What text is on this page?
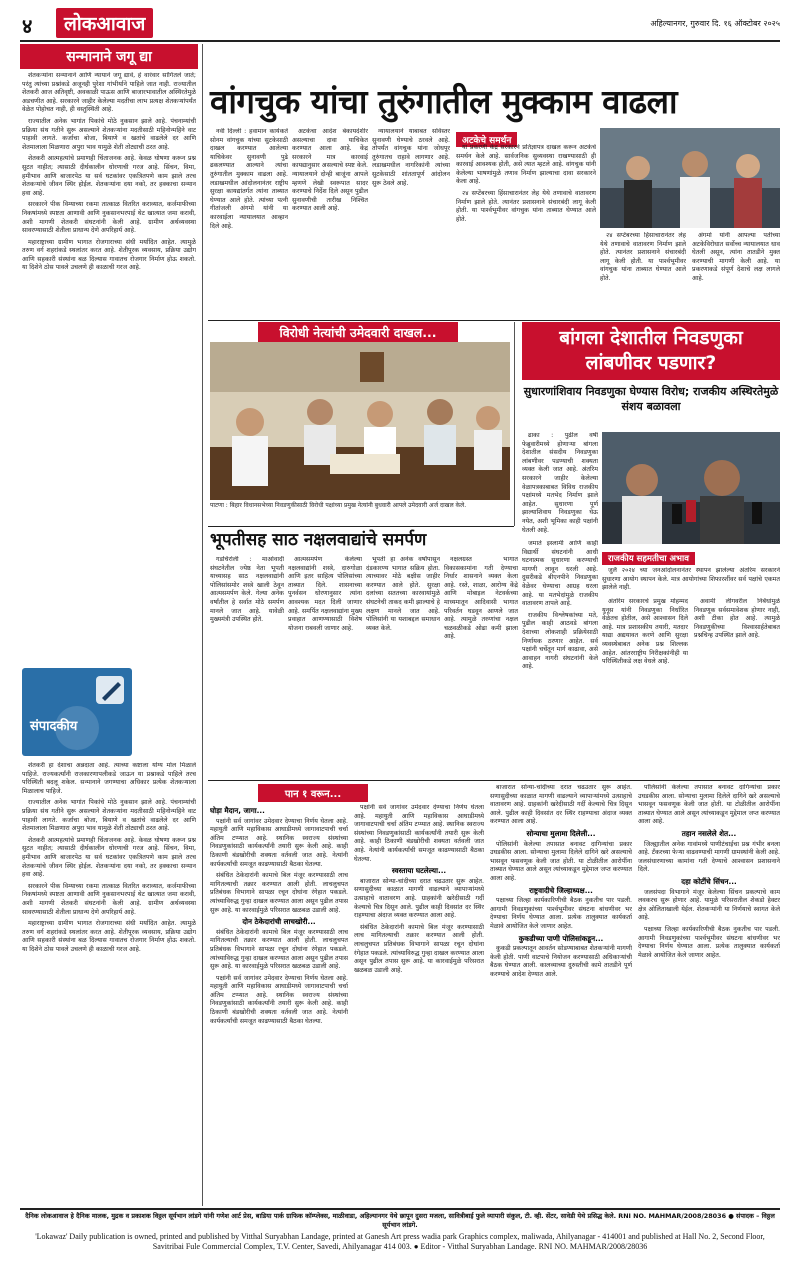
४	लोकआवाज	अहिल्यानगर, गुरुवार दि. १६ ऑक्टोबर २०२५
सन्मानाने जगू द्या

शेतकऱ्यांना सन्मानाने आणि न्यायाने जगू द्यावे, हे वारंवार सांगितले जाते; परंतु त्यांच्या प्रश्नांकडे अजूनही पुरेशा गांभीर्याने पाहिले जात नाही. राज्यातील शेतकरी आज अतिवृष्टी, अवकाळी पाऊस आणि बाजारभावातील अस्थिरतेमुळे अडचणीत आहे. सरकारने जाहीर केलेल्या मदतीचा लाभ प्रत्यक्ष शेतकऱ्यांपर्यंत वेळेत पोहोचत नाही, ही वस्तुस्थिती आहे.

राज्यातील अनेक भागांत पिकांचे मोठे नुकसान झाले आहे. पंचनाम्यांची प्रक्रिया संथ गतीने सुरू असल्याने शेतकऱ्यांना मदतीसाठी महिनोन्महिने वाट पाहावी लागते. कर्जाचा बोजा, बियाणे व खतांचे वाढलेले दर आणि शेतमालाला मिळणारा अपुरा भाव यामुळे शेती तोट्याची ठरत आहे.

शेतकरी आत्महत्यांचे प्रमाणही चिंताजनक आहे. केवळ घोषणा करून प्रश्न सुटत नाहीत; त्यासाठी दीर्घकालीन धोरणाची गरज आहे. सिंचन, विमा, हमीभाव आणि बाजारपेठ या सर्व घटकांवर एकत्रितपणे काम झाले तरच शेतकऱ्यांचे जीवन स्थिर होईल. शेतकऱ्यांना दया नको, तर हक्काचा सन्मान हवा आहे.

सरकारने पीक विम्याच्या रकमा तात्काळ वितरित कराव्यात, कर्जमाफीच्या निकषांमध्ये स्पष्टता आणावी आणि नुकसानभरपाई थेट खात्यात जमा करावी, अशी मागणी शेतकरी संघटनांनी केली आहे. ग्रामीण अर्थव्यवस्था सावरण्यासाठी शेतीला प्राधान्य देणे अपरिहार्य आहे.

महाराष्ट्राच्या ग्रामीण भागात रोजगाराच्या संधी मर्यादित आहेत. त्यामुळे तरुण वर्ग शहरांकडे स्थलांतर करत आहे. शेतीपूरक व्यवसाय, प्रक्रिया उद्योग आणि सहकारी संस्थांना बळ दिल्यास गावातच रोजगार निर्माण होऊ शकतो. या दिशेने ठोस पावले उचलणे ही काळाची गरज आहे.

संपादकीय

शेतकरी हा देशाचा अन्नदाता आहे. त्याच्या कष्टाला योग्य मोल मिळाले पाहिजे. राज्यकर्त्यांनी राजकारणापलीकडे जाऊन या प्रश्नाकडे पाहिले तरच परिस्थिती बदलू शकेल. सन्मानाने जगण्याचा अधिकार प्रत्येक शेतकऱ्याला मिळालाच पाहिजे.

राज्यातील अनेक भागांत पिकांचे मोठे नुकसान झाले आहे. पंचनाम्यांची प्रक्रिया संथ गतीने सुरू असल्याने शेतकऱ्यांना मदतीसाठी महिनोन्महिने वाट पाहावी लागते. कर्जाचा बोजा, बियाणे व खतांचे वाढलेले दर आणि शेतमालाला मिळणारा अपुरा भाव यामुळे शेती तोट्याची ठरत आहे.

शेतकरी आत्महत्यांचे प्रमाणही चिंताजनक आहे. केवळ घोषणा करून प्रश्न सुटत नाहीत; त्यासाठी दीर्घकालीन धोरणाची गरज आहे. सिंचन, विमा, हमीभाव आणि बाजारपेठ या सर्व घटकांवर एकत्रितपणे काम झाले तरच शेतकऱ्यांचे जीवन स्थिर होईल. शेतकऱ्यांना दया नको, तर हक्काचा सन्मान हवा आहे.

सरकारने पीक विम्याच्या रकमा तात्काळ वितरित कराव्यात, कर्जमाफीच्या निकषांमध्ये स्पष्टता आणावी आणि नुकसानभरपाई थेट खात्यात जमा करावी, अशी मागणी शेतकरी संघटनांनी केली आहे. ग्रामीण अर्थव्यवस्था सावरण्यासाठी शेतीला प्राधान्य देणे अपरिहार्य आहे.

महाराष्ट्राच्या ग्रामीण भागात रोजगाराच्या संधी मर्यादित आहेत. त्यामुळे तरुण वर्ग शहरांकडे स्थलांतर करत आहे. शेतीपूरक व्यवसाय, प्रक्रिया उद्योग आणि सहकारी संस्थांना बळ दिल्यास गावातच रोजगार निर्माण होऊ शकतो. या दिशेने ठोस पावले उचलणे ही काळाची गरज आहे.

वांगचुक यांचा तुरुंगातील मुक्काम वाढला

नवी दिल्ली : हवामान कार्यकर्ते सोनम वांगचुक यांच्या सुटकेसाठी दाखल करण्यात आलेल्या याचिकेवर सुनावणी पुढे ढकलण्यात आल्याने त्यांचा तुरुंगातील मुक्काम वाढला आहे. लडाखमधील आंदोलनानंतर राष्ट्रीय सुरक्षा कायद्यांतर्गत त्यांना ताब्यात घेण्यात आले होते. त्यांच्या पत्नी गीतांजली अंगमो यांनी या कारवाईला न्यायालयात आव्हान दिले आहे.

अटकेचा आदेश बेकायदेशीर असल्याचा दावा याचिकेत करण्यात आला आहे. केंद्र सरकारने मात्र कारवाई कायद्यानुसार असल्याचे स्पष्ट केले. न्यायालयाने दोन्ही बाजूंना आपले म्हणणे लेखी स्वरूपात सादर करण्याचे निर्देश दिले असून पुढील सुनावणीची तारीख निश्चित करण्यात आली आहे.

न्यायालयाने याबाबत सविस्तर सुनावणी घेण्याचे ठरवले आहे. तोपर्यंत वांगचुक यांना जोधपूर तुरुंगातच राहावे लागणार आहे. लडाखमधील नागरिकांनी त्यांच्या सुटकेसाठी शांततापूर्ण आंदोलन सुरू ठेवले आहे.

अटकेचे समर्थन

या प्रकरणी केंद्र सरकारने प्रतिज्ञापत्र दाखल करून अटकेचे समर्थन केले आहे. सार्वजनिक सुव्यवस्था राखण्यासाठी ही कारवाई आवश्यक होती, असे त्यात म्हटले आहे. वांगचुक यांनी केलेल्या भाषणांमुळे तणाव निर्माण झाल्याचा दावा सरकारने केला आहे.

२४ सप्टेंबरच्या हिंसाचारानंतर लेह येथे तणावाचे वातावरण निर्माण झाले होते. त्यानंतर प्रशासनाने संचारबंदी लागू केली होती. या पार्श्वभूमीवर वांगचुक यांना ताब्यात घेण्यात आले होते.

२४ सप्टेंबरच्या हिंसाचारानंतर लेह येथे तणावाचे वातावरण निर्माण झाले होते. त्यानंतर प्रशासनाने संचारबंदी लागू केली होती. या पार्श्वभूमीवर वांगचुक यांना ताब्यात घेण्यात आले होते.

अंगमो यांनी आपल्या पतीच्या अटकेविरोधात सर्वोच्च न्यायालयात धाव घेतली असून, त्यांना तातडीने मुक्त करण्याची मागणी केली आहे. या प्रकरणाकडे संपूर्ण देशाचे लक्ष लागले आहे.

विरोधी नेत्यांची उमेदवारी दाखल...
पाटणा : बिहार विधानसभेच्या निवडणुकीसाठी विरोधी पक्षांच्या प्रमुख नेत्यांनी बुधवारी आपले उमेदवारी अर्ज दाखल केले.
बांगला देशातील निवडणुका लांबणीवर पडणार?
सुधारणांशिवाय निवडणुका घेण्यास विरोध; राजकीय अस्थिरतेमुळे संशय बळावला

ढाका : पुढील वर्षी फेब्रुवारीमध्ये होणाऱ्या बांगला देशातील संसदीय निवडणुका लांबणीवर पडण्याची शक्यता व्यक्त केली जात आहे. अंतरिम सरकारने जाहीर केलेल्या वेळापत्रकाबाबत विविध राजकीय पक्षांमध्ये मतभेद निर्माण झाले आहेत. सुधारणा पूर्ण झाल्याशिवाय निवडणुका घेऊ नयेत, अशी भूमिका काही पक्षांनी घेतली आहे.

राजकीय सहमतीचा अभाव

जुलै २०२४ च्या जनआंदोलनानंतर स्थापन झालेल्या अंतरिम सरकारने सुधारणा आयोग स्थापन केले. मात्र आयोगांच्या शिफारशींवर सर्व पक्षांचे एकमत झालेले नाही.

जमाते इस्लामी आणि काही विद्यार्थी संघटनांनी आधी घटनात्मक सुधारणा करण्याची मागणी लावून धरली आहे. दुसरीकडे बीएनपीने निवडणुका वेळेवर घेण्याचा आग्रह धरला आहे. या मतभेदांमुळे राजकीय वातावरण तापले आहे.

राजकीय विश्लेषकांच्या मते, पुढील काही आठवडे बांगला देशाच्या लोकशाही प्रक्रियेसाठी निर्णायक ठरणार आहेत. सर्व पक्षांनी चर्चेतून मार्ग काढावा, असे आवाहन नागरी संघटनांनी केले आहे.

अंतरिम सरकारचे प्रमुख मोहम्मद युनूस यांनी निवडणुका निर्धारित वेळेतच होतील, असे आश्वासन दिले आहे. मात्र प्रशासकीय तयारी, मतदार याद्या अद्ययावत करणे आणि सुरक्षा व्यवस्थेबाबत अनेक प्रश्न शिल्लक आहेत. आंतरराष्ट्रीय निरीक्षकांनीही या परिस्थितीकडे लक्ष वेधले आहे.

अवामी लीगवरील निर्बंधांमुळे निवडणूक सर्वसमावेशक होणार नाही, अशी टीका होत आहे. त्यामुळे निवडणुकीच्या विश्वासार्हतेबाबत प्रश्नचिन्ह उपस्थित झाले आहे.

भूपतीसह साठ नक्षलवाद्यांचे समर्पण

गडचिरोली : माओवादी संघटनेतील ज्येष्ठ नेता भूपती याच्यासह साठ नक्षलवाद्यांनी पोलिसांसमोर शस्त्रे खाली ठेवून आत्मसमर्पण केले. गेल्या अनेक वर्षांतील हे सर्वात मोठे समर्पण मानले जात आहे. यावेळी मुख्यमंत्री उपस्थित होते.

आत्मसमर्पण केलेल्या नक्षलवाद्यांनी शस्त्रे, दारुगोळा आणि इतर साहित्य पोलिसांच्या ताब्यात दिले. शासनाच्या पुनर्वसन धोरणानुसार त्यांना आवश्यक मदत दिली जाणार आहे. समर्पित नक्षलवाद्यांना मुख्य प्रवाहात आणण्यासाठी विशेष योजना राबवली जाणार आहे.

भूपती हा अनेक वर्षांपासून दंडकारण्य भागात सक्रिय होता. त्याच्यावर मोठे बक्षीस जाहीर करण्यात आले होते. सुरक्षा दलांच्या सततच्या कारवायांमुळे संघटनेची ताकद कमी झाल्याचे हे लक्षण मानले जात आहे. पोलिसांनी या यशाबद्दल समाधान व्यक्त केले.

नक्षलग्रस्त भागात विकासकामांना गती देण्याचा निर्धार शासनाने व्यक्त केला आहे. रस्ते, शाळा, आरोग्य केंद्रे आणि मोबाइल नेटवर्कच्या माध्यमातून आदिवासी भागात परिवर्तन घडवून आणले जात आहे. त्यामुळे तरुणांचा नक्षल चळवळीकडे ओढा कमी झाला आहे.

पान १ वरून...
घोड़ा मैदान, जागा...

पक्षांनी सर्व जागांवर उमेदवार देण्याचा निर्णय घेतला आहे. महायुती आणि महाविकास आघाडीमध्ये जागावाटपाची चर्चा अंतिम टप्प्यात आहे. स्थानिक स्वराज्य संस्थांच्या निवडणुकांसाठी कार्यकर्त्यांनी तयारी सुरू केली आहे. काही ठिकाणी बंडखोरीची शक्यता वर्तवली जात आहे. नेत्यांनी कार्यकर्त्यांची समजूत काढण्यासाठी बैठका घेतल्या.

संबंधित ठेकेदारांनी कामाचे बिल मंजूर करण्यासाठी लाच मागितल्याची तक्रार करण्यात आली होती. लाचलुचपत प्रतिबंधक विभागाने सापळा रचून दोघांना रंगेहात पकडले. त्यांच्याविरुद्ध गुन्हा दाखल करण्यात आला असून पुढील तपास सुरू आहे. या कारवाईमुळे परिसरात खळबळ उडाली आहे.

दोन ठेकेदारांची लाचखोरी...

संबंधित ठेकेदारांनी कामाचे बिल मंजूर करण्यासाठी लाच मागितल्याची तक्रार करण्यात आली होती. लाचलुचपत प्रतिबंधक विभागाने सापळा रचून दोघांना रंगेहात पकडले. त्यांच्याविरुद्ध गुन्हा दाखल करण्यात आला असून पुढील तपास सुरू आहे. या कारवाईमुळे परिसरात खळबळ उडाली आहे.

पक्षांनी सर्व जागांवर उमेदवार देण्याचा निर्णय घेतला आहे. महायुती आणि महाविकास आघाडीमध्ये जागावाटपाची चर्चा अंतिम टप्प्यात आहे. स्थानिक स्वराज्य संस्थांच्या निवडणुकांसाठी कार्यकर्त्यांनी तयारी सुरू केली आहे. काही ठिकाणी बंडखोरीची शक्यता वर्तवली जात आहे. नेत्यांनी कार्यकर्त्यांची समजूत काढण्यासाठी बैठका घेतल्या.

पक्षांनी सर्व जागांवर उमेदवार देण्याचा निर्णय घेतला आहे. महायुती आणि महाविकास आघाडीमध्ये जागावाटपाची चर्चा अंतिम टप्प्यात आहे. स्थानिक स्वराज्य संस्थांच्या निवडणुकांसाठी कार्यकर्त्यांनी तयारी सुरू केली आहे. काही ठिकाणी बंडखोरीची शक्यता वर्तवली जात आहे. नेत्यांनी कार्यकर्त्यांची समजूत काढण्यासाठी बैठका घेतल्या.

स्वस्ताया घटलेल्या...

बाजारात सोन्या-चांदीच्या दरात चढउतार सुरू आहेत. सणासुदीच्या काळात मागणी वाढल्याने व्यापाऱ्यांमध्ये उत्साहाचे वातावरण आहे. ग्राहकांनी खरेदीसाठी गर्दी केल्याचे चित्र दिसून आले. पुढील काही दिवसांत दर स्थिर राहण्याचा अंदाज व्यक्त करण्यात आला आहे.

संबंधित ठेकेदारांनी कामाचे बिल मंजूर करण्यासाठी लाच मागितल्याची तक्रार करण्यात आली होती. लाचलुचपत प्रतिबंधक विभागाने सापळा रचून दोघांना रंगेहात पकडले. त्यांच्याविरुद्ध गुन्हा दाखल करण्यात आला असून पुढील तपास सुरू आहे. या कारवाईमुळे परिसरात खळबळ उडाली आहे.

बाजारात सोन्या-चांदीच्या दरात चढउतार सुरू आहेत. सणासुदीच्या काळात मागणी वाढल्याने व्यापाऱ्यांमध्ये उत्साहाचे वातावरण आहे. ग्राहकांनी खरेदीसाठी गर्दी केल्याचे चित्र दिसून आले. पुढील काही दिवसांत दर स्थिर राहण्याचा अंदाज व्यक्त करण्यात आला आहे.

सोन्याचा मुलामा दिलेली...

पोलिसांनी केलेल्या तपासात बनावट दागिन्यांचा प्रकार उघडकीस आला. सोन्याचा मुलामा दिलेले दागिने खरे असल्याचे भासवून फसवणूक केली जात होती. या टोळीतील आरोपींना ताब्यात घेण्यात आले असून त्यांच्याकडून मुद्देमाल जप्त करण्यात आला आहे.

राष्ट्रवादीचे जिल्हाध्यक्ष...

पक्षाच्या जिल्हा कार्यकारिणीची बैठक नुकतीच पार पडली. आगामी निवडणुकांच्या पार्श्वभूमीवर संघटना बांधणीवर भर देण्याचा निर्णय घेण्यात आला. प्रत्येक तालुक्यात कार्यकर्ता मेळावे आयोजित केले जाणार आहेत.

कुकडीच्या पाणी पोलिसांकडून...

कुकडी प्रकल्पातून आवर्तन सोडण्याबाबत शेतकऱ्यांनी मागणी केली होती. पाणी वाटपाचे नियोजन करण्यासाठी अधिकाऱ्यांची बैठक घेण्यात आली. कालव्याच्या दुरुस्तीची कामे तातडीने पूर्ण करण्याचे आदेश देण्यात आले.

पोलिसांनी केलेल्या तपासात बनावट दागिन्यांचा प्रकार उघडकीस आला. सोन्याचा मुलामा दिलेले दागिने खरे असल्याचे भासवून फसवणूक केली जात होती. या टोळीतील आरोपींना ताब्यात घेण्यात आले असून त्यांच्याकडून मुद्देमाल जप्त करण्यात आला आहे.

तहान नसलेले शेत...

जिल्ह्यातील अनेक गावांमध्ये पाणीटंचाईचा प्रश्न गंभीर बनला आहे. टँकरच्या फेऱ्या वाढवण्याची मागणी ग्रामस्थांनी केली आहे. जलसंधारणाच्या कामांना गती देण्याचे आश्वासन प्रशासनाने दिले.

दहा कोटींचे सिंचन...

जलसंपदा विभागाने मंजूर केलेल्या सिंचन प्रकल्पाचे काम लवकरच सुरू होणार आहे. यामुळे परिसरातील शेकडो हेक्टर क्षेत्र ओलिताखाली येईल. शेतकऱ्यांनी या निर्णयाचे स्वागत केले आहे.

पक्षाच्या जिल्हा कार्यकारिणीची बैठक नुकतीच पार पडली. आगामी निवडणुकांच्या पार्श्वभूमीवर संघटना बांधणीवर भर देण्याचा निर्णय घेण्यात आला. प्रत्येक तालुक्यात कार्यकर्ता मेळावे आयोजित केले जाणार आहेत.

दैनिक लोकआवाज हे दैनिक मालक, मुद्रक व प्रकाशक विठ्ठल सूर्यभान लांडगे यांनी गणेश आर्ट प्रेस, बाडिया पार्क ग्राफिक कॉम्प्लेक्स, माळीवाडा, अहिल्यानगर येथे छापून दुसरा मजला, सावित्रीबाई फुले व्यापारी संकुल, टी. व्ही. सेंटर, सावेडी येथे प्रसिद्ध केले. RNI NO. MAHMAR/2008/28036 ● संपादक – विठ्ठल सूर्यभान लांडगे.
'Lokawaz' Daily publication is owned, printed and published by Vitthal Suryabhan Landage, printed at Ganesh Art press wadia park Graphics complex, maliwada, Ahilyanagar - 414001 and published at Hall No. 2, Second Floor, Savitribai Fule Commercial Complex, T.V. Center, Savedi, Ahilyanagar 414 003. ● Editor - Vitthal Suryabhan Landage. RNI NO. MAHMAR/2008/28036
